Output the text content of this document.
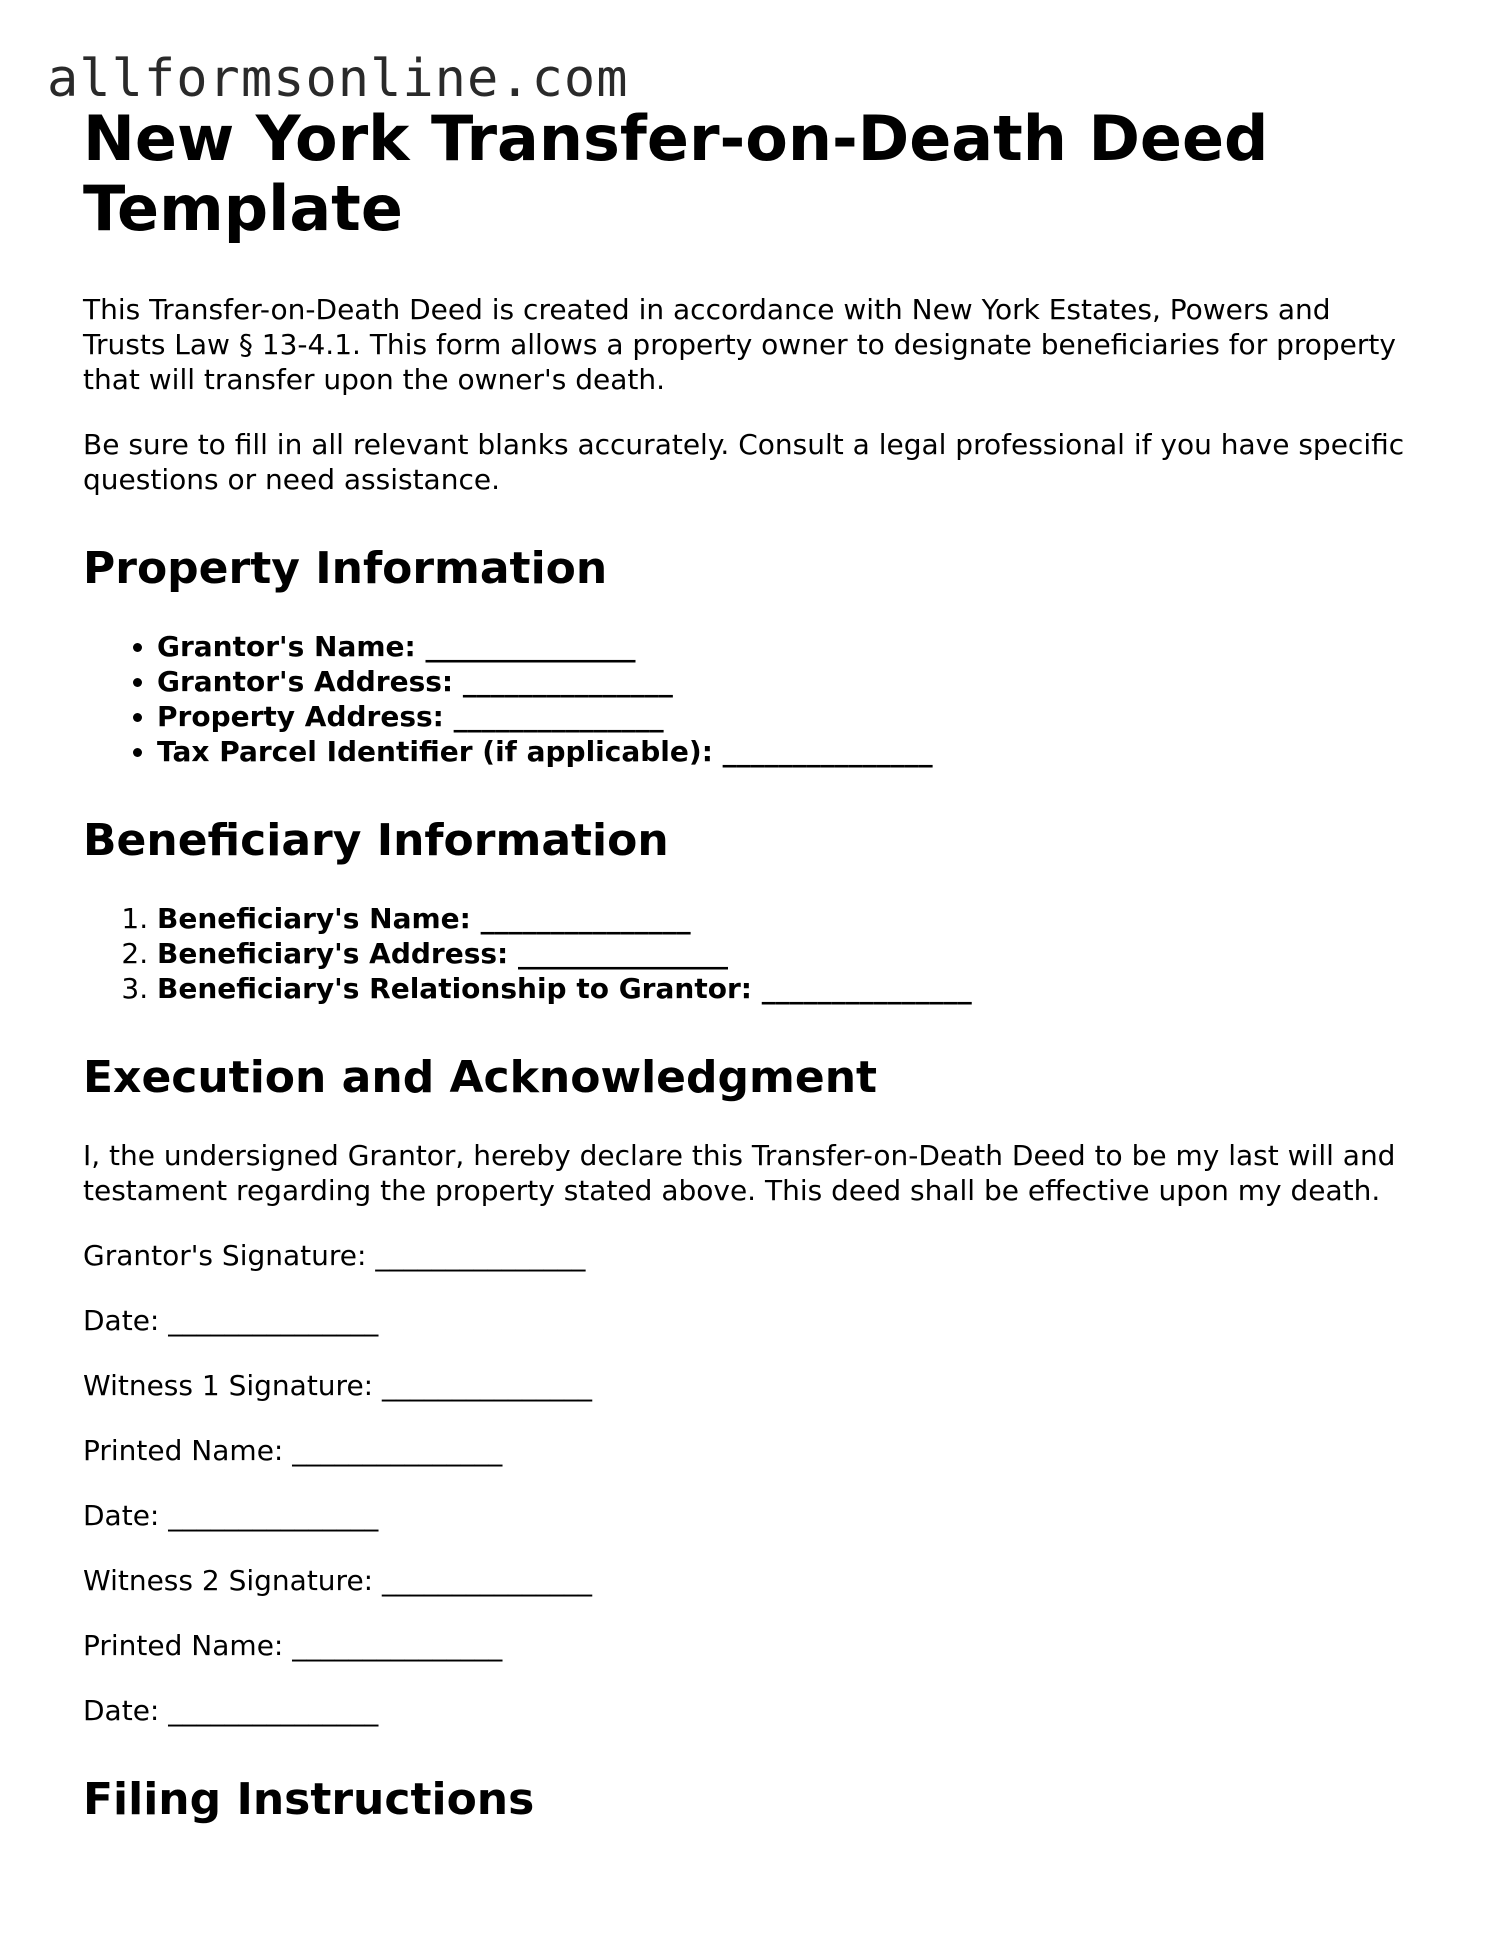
allformsonline.com
New York Transfer-on-Death Deed Template

This Transfer-on-Death Deed is created in accordance with New York Estates, Powers and Trusts Law § 13-4.1. This form allows a property owner to designate beneficiaries for property that will transfer upon the owner's death.

Be sure to fill in all relevant blanks accurately. Consult a legal professional if you have specific questions or need assistance.

Property Information
• Grantor's Name: _______________
• Grantor's Address: _______________
• Property Address: _______________
• Tax Parcel Identifier (if applicable): _______________
Beneficiary Information
1. Beneficiary's Name: _______________
2. Beneficiary's Address: _______________
3. Beneficiary's Relationship to Grantor: _______________
Execution and Acknowledgment

I, the undersigned Grantor, hereby declare this Transfer-on-Death Deed to be my last will and testament regarding the property stated above. This deed shall be effective upon my death.

Grantor's Signature: _______________
Date: _______________
Witness 1 Signature: _______________
Printed Name: _______________
Date: _______________
Witness 2 Signature: _______________
Printed Name: _______________
Date: _______________
Filing Instructions
